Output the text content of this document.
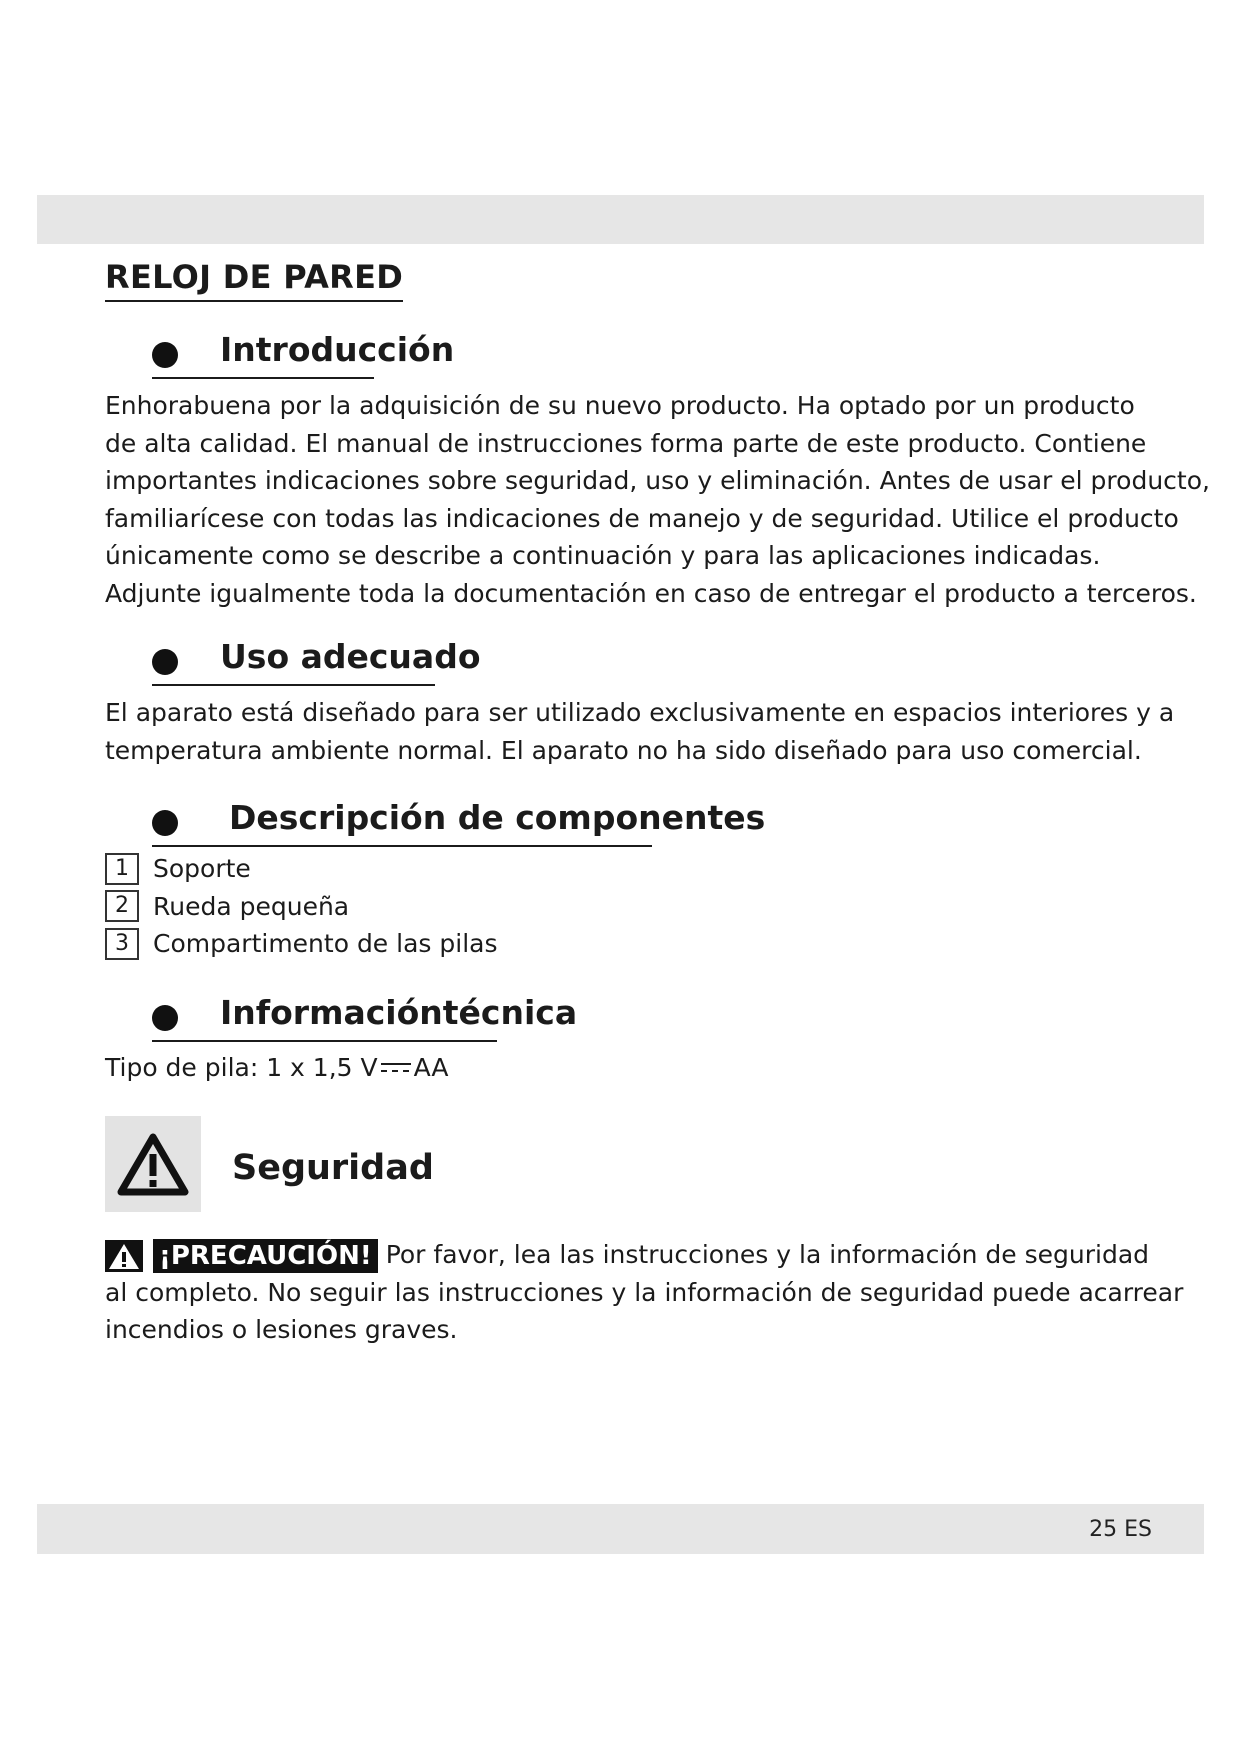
RELOJ DE PARED
Introducción

Enhorabuena por la adquisición de su nuevo producto. Ha optado por un producto
de alta calidad. El manual de instrucciones forma parte de este producto. Contiene
importantes indicaciones sobre seguridad, uso y eliminación. Antes de usar el producto,
familiarícese con todas las indicaciones de manejo y de seguridad. Utilice el producto
únicamente como se describe a continuación y para las aplicaciones indicadas.
Adjunte igualmente toda la documentación en caso de entregar el producto a terceros.

Uso adecuado

El aparato está diseñado para ser utilizado exclusivamente en espacios interiores y a
temperatura ambiente normal. El aparato no ha sido diseñado para uso comercial.

Descripción de componentes
1 Soporte
2 Rueda pequeña
3 Compartimento de las pilas
Informacióntécnica

Tipo de pila: 1 x 1,5 V AA

Seguridad
¡PRECAUCIÓN! Por favor, lea las instrucciones y la información de seguridad
al completo. No seguir las instrucciones y la información de seguridad puede acarrear
incendios o lesiones graves.
25 ES
